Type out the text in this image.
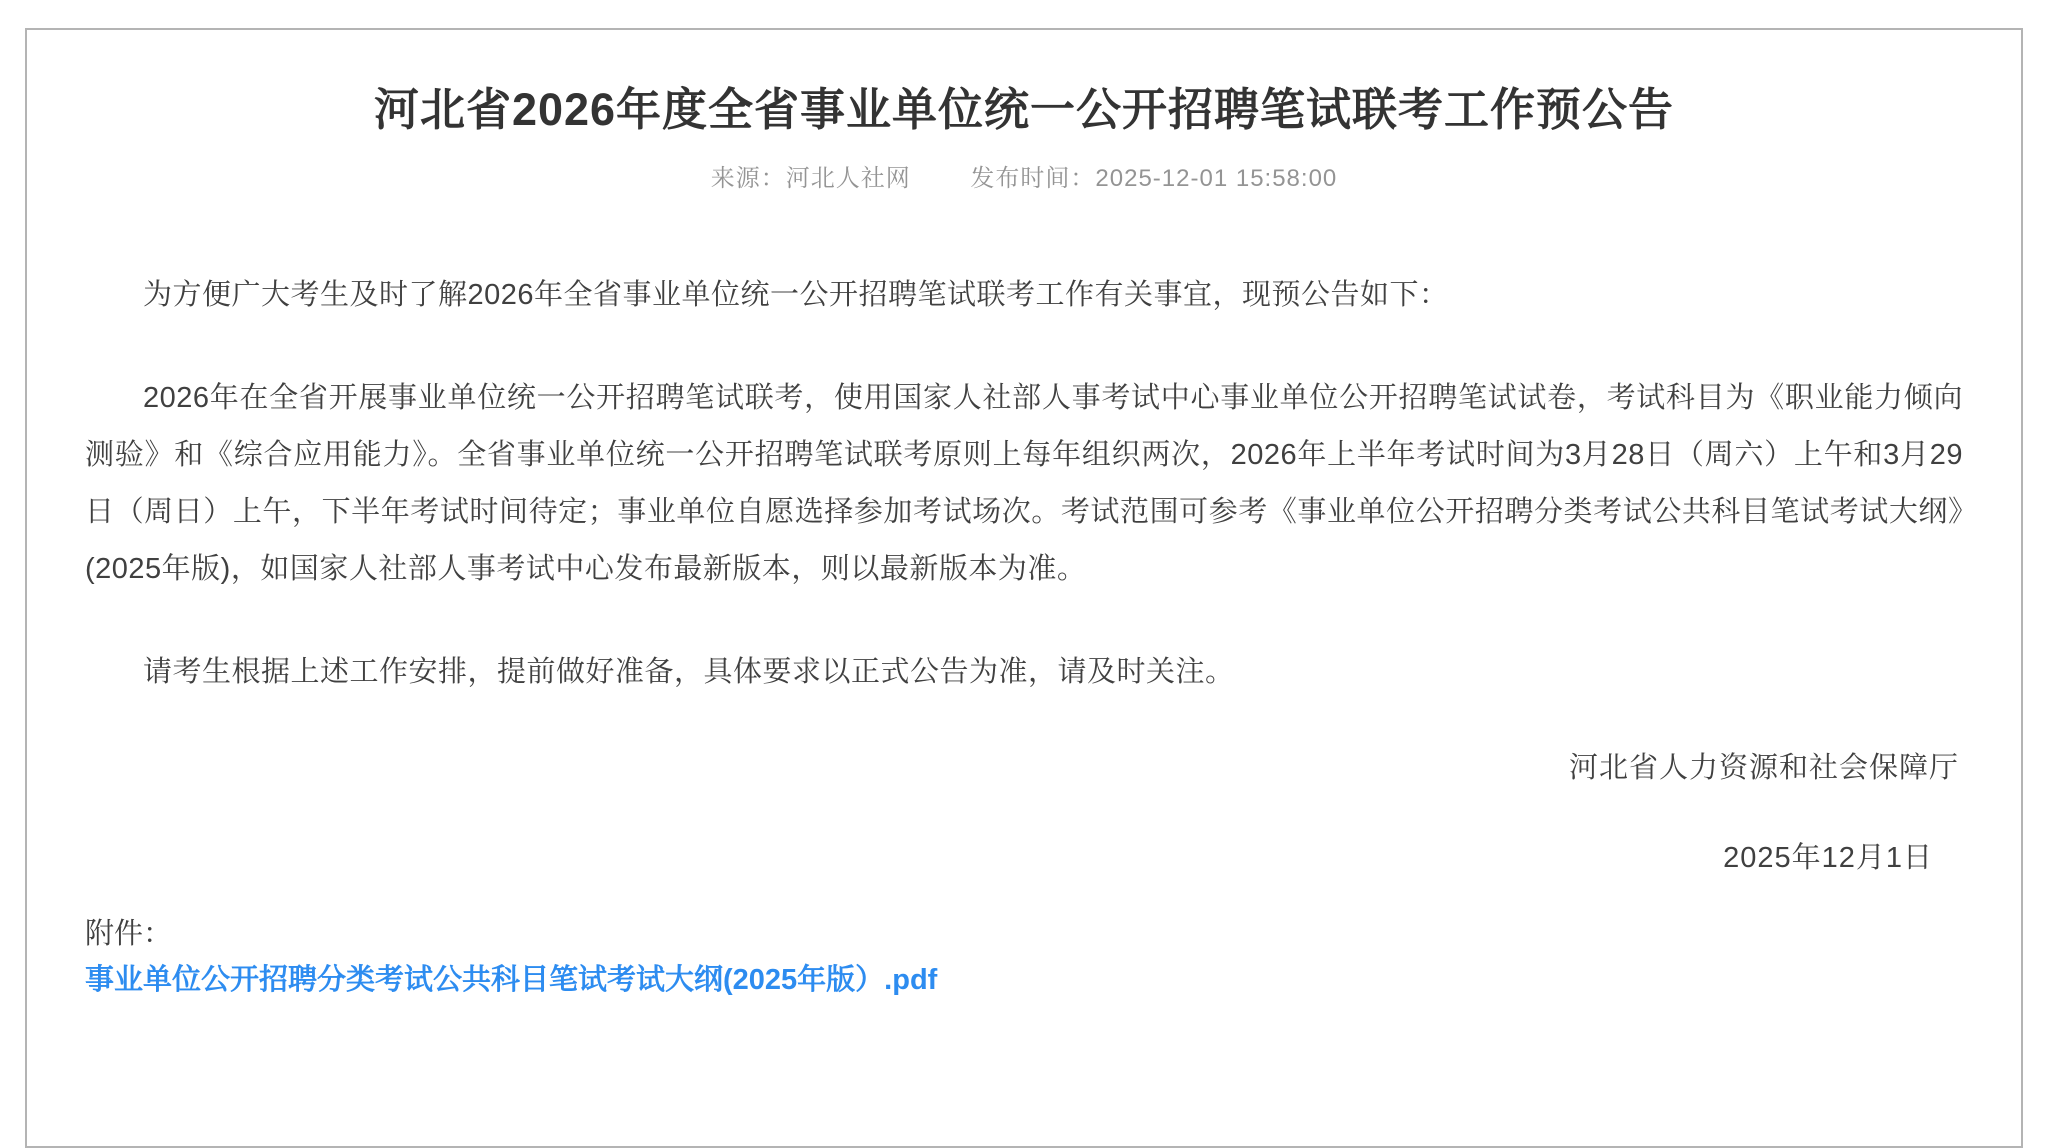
河北省2026年度全省事业单位统一公开招聘笔试联考工作预公告
来源：河北人社网 发布时间：2025-12-01 15:58:00

为方便广大考生及时了解2026年全省事业单位统一公开招聘笔试联考工作有关事宜，现预公告如下：

2026年在全省开展事业单位统一公开招聘笔试联考，使用国家人社部人事考试中心事业单位公开招聘笔试试卷，考试科目为《职业能力倾向测验》和《综合应用能力》。全省事业单位统一公开招聘笔试联考原则上每年组织两次，2026年上半年考试时间为3月28日（周六）上午和3月29日（周日）上午，下半年考试时间待定；事业单位自愿选择参加考试场次。考试范围可参考《事业单位公开招聘分类考试公共科目笔试考试大纲》(2025年版)，如国家人社部人事考试中心发布最新版本，则以最新版本为准。

请考生根据上述工作安排，提前做好准备，具体要求以正式公告为准，请及时关注。

河北省人力资源和社会保障厅
2025年12月1日
附件：
事业单位公开招聘分类考试公共科目笔试考试大纲(2025年版）.pdf
